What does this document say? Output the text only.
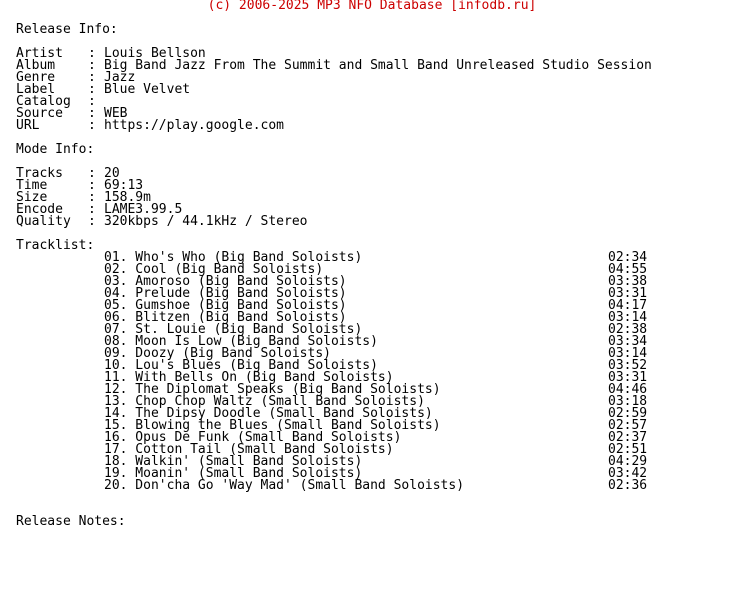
(c) 2006-2025 MP3 NFO Database [infodb.ru]
Release Info:
Artist : Louis Bellson
Album	: Big Band Jazz From The Summit and Small Band Unreleased Studio Session
Genre	: Jazz
Label	: Blue Velvet
Catalog :
Source : WEB
URL	: https://play.google.com
Mode Info:
Tracks : 20
Time	: 69:13
Size	: 158.9m
Encode : LAME3.99.5
Quality : 320kbps / 44.1kHz / Stereo
Tracklist:
01. Who's Who (Big Band Soloists)	02:34
02. Cool (Big Band Soloists)	04:55
03. Amoroso (Big Band Soloists)	03:38
04. Prelude (Big Band Soloists)	03:31
05. Gumshoe (Big Band Soloists)	04:17
06. Blitzen (Big Band Soloists)	03:14
07. St. Louie (Big Band Soloists)	02:38
08. Moon Is Low (Big Band Soloists)	03:34
09. Doozy (Big Band Soloists)	03:14
10. Lou's Blues (Big Band Soloists)	03:52
11. With Bells On (Big Band Soloists)	03:31
12. The Diplomat Speaks (Big Band Soloists)	04:46
13. Chop Chop Waltz (Small Band Soloists)	03:18
14. The Dipsy Doodle (Small Band Soloists)	02:59
15. Blowing the Blues (Small Band Soloists)	02:57
16. Opus De Funk (Small Band Soloists)	02:37
17. Cotton Tail (Small Band Soloists)	02:51
18. Walkin' (Small Band Soloists)	04:29
19. Moanin' (Small Band Soloists)	03:42
20. Don'cha Go 'Way Mad' (Small Band Soloists)	02:36
Release Notes:
